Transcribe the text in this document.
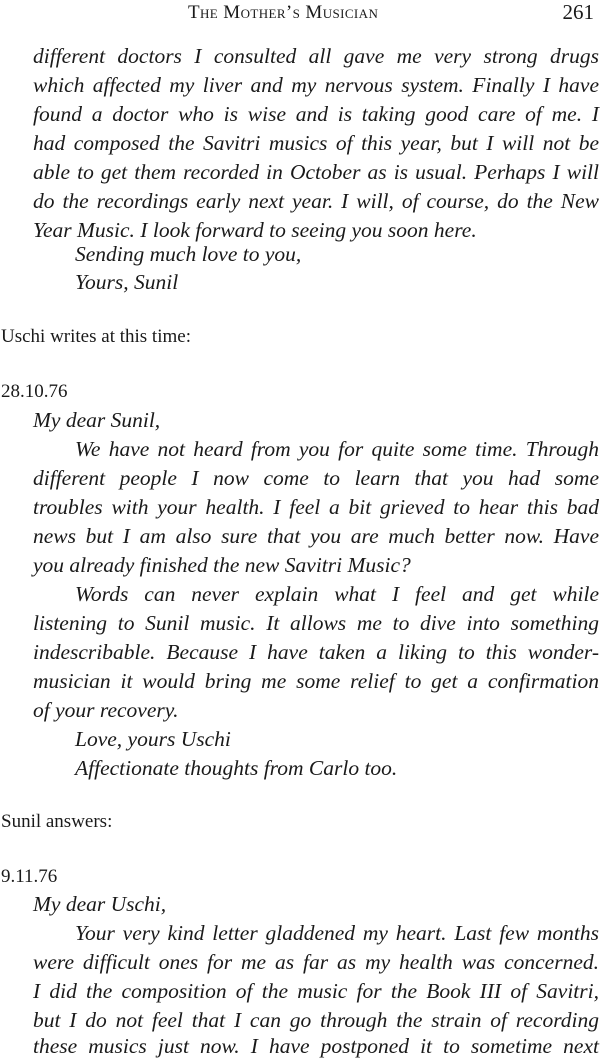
The Mother’s Musician	261
different doctors I consulted all gave me very strong drugs
which affected my liver and my nervous system. Finally I have
found a doctor who is wise and is taking good care of me. I
had composed the Savitri musics of this year, but I will not be
able to get them recorded in October as is usual. Perhaps I will
do the recordings early next year. I will, of course, do the New
Year Music. I look forward to seeing you soon here.
Sending much love to you,
Yours, Sunil
Uschi writes at this time:
28.10.76
My dear Sunil,
We have not heard from you for quite some time. Through
different people I now come to learn that you had some
troubles with your health. I feel a bit grieved to hear this bad
news but I am also sure that you are much better now. Have
you already finished the new Savitri Music?
Words can never explain what I feel and get while
listening to Sunil music. It allows me to dive into something
indescribable. Because I have taken a liking to this wonder-
musician it would bring me some relief to get a confirmation
of your recovery.
Love, yours Uschi
Affectionate thoughts from Carlo too.
Sunil answers:
9.11.76
My dear Uschi,
Your very kind letter gladdened my heart. Last few months
were difficult ones for me as far as my health was concerned.
I did the composition of the music for the Book III of Savitri,
but I do not feel that I can go through the strain of recording
these musics just now. I have postponed it to sometime next
